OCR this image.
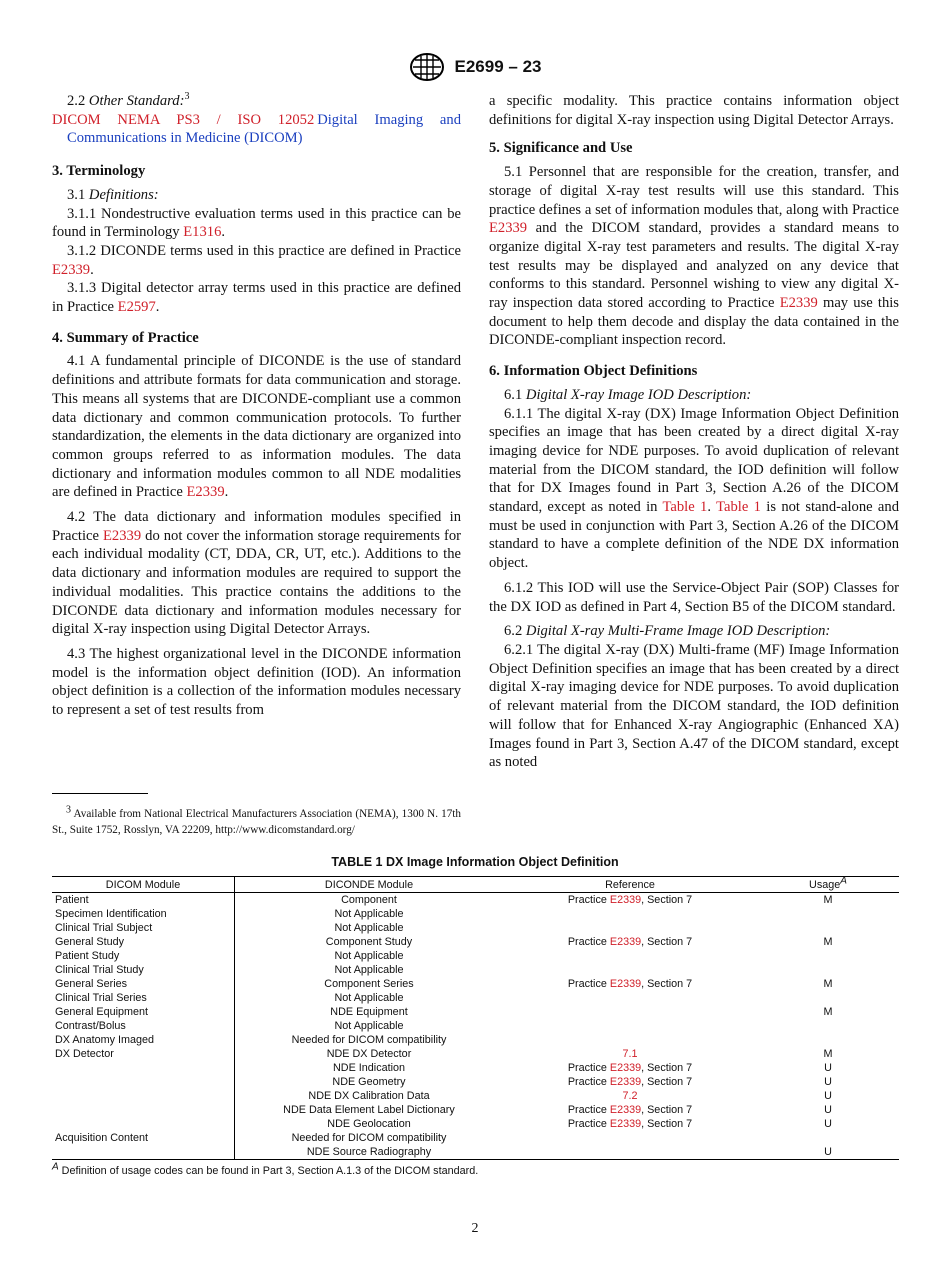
E2699 – 23

2.2 Other Standard:$^3$

DICOM NEMA PS3 / ISO 12052  Digital Imaging and Communications in Medicine (DICOM)

3. Terminology

3.1 Definitions:

3.1.1 Nondestructive evaluation terms used in this practice can be found in Terminology E1316.

3.1.2 DICONDE terms used in this practice are defined in Practice E2339.

3.1.3 Digital detector array terms used in this practice are defined in Practice E2597.

4. Summary of Practice

4.1 A fundamental principle of DICONDE is the use of standard definitions and attribute formats for data communication and storage. This means all systems that are DICONDE-compliant use a common data dictionary and common communication protocols. To further standardization, the elements in the data dictionary are organized into common groups referred to as information modules. The data dictionary and information modules common to all NDE modalities are defined in Practice E2339.

4.2 The data dictionary and information modules specified in Practice E2339 do not cover the information storage requirements for each individual modality (CT, DDA, CR, UT, etc.). Additions to the data dictionary and information modules are required to support the individual modalities. This practice contains the additions to the DICONDE data dictionary and information modules necessary for digital X-ray inspection using Digital Detector Arrays.

4.3 The highest organizational level in the DICONDE information model is the information object definition (IOD). An information object definition is a collection of the information modules necessary to represent a set of test results from

$^3$ Available from National Electrical Manufacturers Association (NEMA), 1300 N. 17th St., Suite 1752, Rosslyn, VA 22209, http://www.dicomstandard.org/

a specific modality. This practice contains information object definitions for digital X-ray inspection using Digital Detector Arrays.

5. Significance and Use

5.1 Personnel that are responsible for the creation, transfer, and storage of digital X-ray test results will use this standard. This practice defines a set of information modules that, along with Practice E2339 and the DICOM standard, provides a standard means to organize digital X-ray test parameters and results. The digital X-ray test results may be displayed and analyzed on any device that conforms to this standard. Personnel wishing to view any digital X-ray inspection data stored according to Practice E2339 may use this document to help them decode and display the data contained in the DICONDE-compliant inspection record.

6. Information Object Definitions

6.1 Digital X-ray Image IOD Description:

6.1.1 The digital X-ray (DX) Image Information Object Definition specifies an image that has been created by a direct digital X-ray imaging device for NDE purposes. To avoid duplication of relevant material from the DICOM standard, the IOD definition will follow that for DX Images found in Part 3, Section A.26 of the DICOM standard, except as noted in Table 1. Table 1 is not stand-alone and must be used in conjunction with Part 3, Section A.26 of the DICOM standard to have a complete definition of the NDE DX information object.

6.1.2 This IOD will use the Service-Object Pair (SOP) Classes for the DX IOD as defined in Part 4, Section B5 of the DICOM standard.

6.2 Digital X-ray Multi-Frame Image IOD Description:

6.2.1 The digital X-ray (DX) Multi-frame (MF) Image Information Object Definition specifies an image that has been created by a direct digital X-ray imaging device for NDE purposes. To avoid duplication of relevant material from the DICOM standard, the IOD definition will follow that for Enhanced X-ray Angiographic (Enhanced XA) Images found in Part 3, Section A.47 of the DICOM standard, except as noted

TABLE 1 DX Image Information Object Definition
DICOM Module	DICONDE Module	Reference	Usage$^A$
Patient	Component	Practice E2339, Section 7	M
Specimen Identification	Not Applicable		
Clinical Trial Subject	Not Applicable		
General Study	Component Study	Practice E2339, Section 7	M
Patient Study	Not Applicable		
Clinical Trial Study	Not Applicable		
General Series	Component Series	Practice E2339, Section 7	M
Clinical Trial Series	Not Applicable		
General Equipment	NDE Equipment		M
Contrast/Bolus	Not Applicable		
DX Anatomy Imaged	Needed for DICOM compatibility		
DX Detector	NDE DX Detector	7.1	M
	NDE Indication	Practice E2339, Section 7	U
	NDE Geometry	Practice E2339, Section 7	U
	NDE DX Calibration Data	7.2	U
	NDE Data Element Label Dictionary	Practice E2339, Section 7	U
	NDE Geolocation	Practice E2339, Section 7	U
Acquisition Content	Needed for DICOM compatibility		
	NDE Source Radiography		U
$^A$ Definition of usage codes can be found in Part 3, Section A.1.3 of the DICOM standard.
2
